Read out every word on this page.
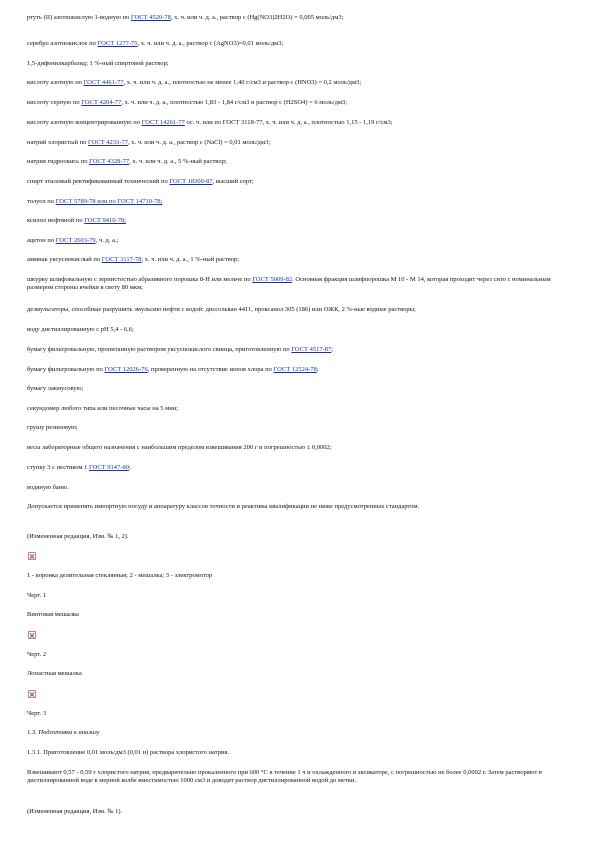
ртуть (II) азотнокислую 1-водную по ГОСТ 4520-78, х. ч. или ч. д. а., раствор с (Hg(NO3)2H2O) = 0,005 моль/дм3;
серебро азотнокислое по ГОСТ 1277-75, х. ч. или ч. д. а., раствор с (AgNO3)=0,01 моль/дм3;
1,5-дифенилкарбазид; 1 %-ный спиртовой раствор;
кислоту азотную по ГОСТ 4461-77, х. ч. или ч. д. а., плотностью не менее 1,40 г/см3 и раствор с (HNO3) = 0,2 моль/дм3;
кислоту серную по ГОСТ 4204-77, х. ч. или ч. д. а., плотностью 1,83 - 1,84 г/см3 и раствор с (H2SO4) = 6 моль/дм3;
кислоту азотную концентрированную по ГОСТ 14261-77 ос. ч. или по ГОСТ 3118-77, х. ч. или ч. д. а., плотностью 1,15 - 1,19 г/см3;
натрий хлористый по ГОСТ 4233-77, х. ч. или ч. д. а., раствор с (NaCl) = 0,01 моль/дм3;
натрия гидроокись по ГОСТ 4328-77, х. ч. или ч. д. а., 5 %-ный раствор;
спирт этиловый ректификованный технический по ГОСТ 18300-87, высший сорт;
толуол по ГОСТ 5789-78 или по ГОСТ 14710-78;
ксилол нефтяной по ГОСТ 9410-78;
ацетон по ГОСТ 2603-79, ч. д. а.;
аммиак уксуснокислый по ГОСТ 3117-78, х. ч. или ч. д. а., 1 %-ный раствор;
шкурку шлифовальную с зернистостью абразивного порошка 8-Н или мельче по ГОСТ 5009-82. Основная фракция шлифпорошка М 10 - М 14, которая проходит через сито с номинальным размером стороны ячейки в свету 80 мкм;
деэмульгаторы, способные разрушить эмульсию нефти с водой: диссольван 4411, проксанол 305 (186) или ОЖК, 2 %-ные водные растворы;
воду дистиллированную с рН 5,4 - 6,6;
бумагу фильтровальную, пропитанную раствором уксуснокислого свинца, приготовленную по ГОСТ 4517-87;
бумагу фильтровальную по ГОСТ 12026-76, проверенную на отсутствие ионов хлора по ГОСТ 12524-78;
бумагу лакмусовую;
секундомер любого типа или песочные часы на 5 мин;
грушу резиновую;
весы лабораторные общего назначения с наибольшим пределом взвешивания 200 г и погрешностью ± 0,0002;
ступку 3 с пестиком 1 ГОСТ 9147-80;
водяную баню.
Допускается применять импортную посуду и аппаратуру классов точности и реактивы квалификации не ниже предусмотренных стандартом.
(Измененная редакция, Изм. № 1, 2).
1 - воронка делительная стеклянная; 2 - мешалка; 3 - электромотор
Черт. 1
Винтовая мешалка
Черт. 2
Лопастная мешалка
Черт. 3
1.3. Подготовка к анализу
1.3.1. Приготовление 0,01 моль/дм3 (0,01 н) раствора хлористого натрия.
Взвешивают 0,57 - 0,59 г хлористого натрия, предварительно прокаленного при 600 °С в течение 1 ч и охлажденного в эксикаторе, с погрешностью не более 0,0002 г. Затем растворяют в дистиллированной воде в мерной колбе вместимостью 1000 см3 и доводят раствор дистиллированной водой до метки.
(Измененная редакция, Изм. № 1).
